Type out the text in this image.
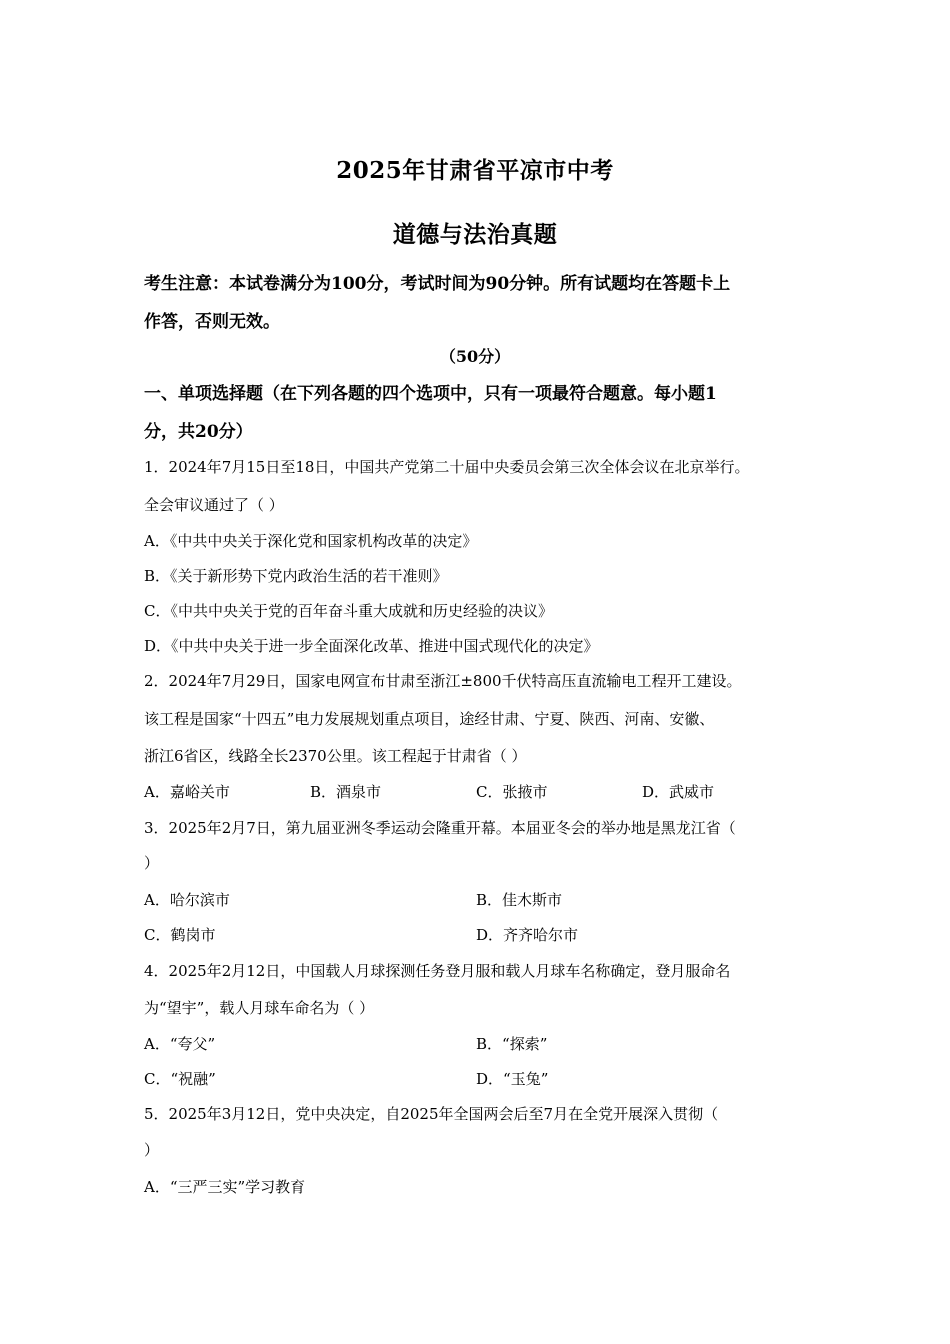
2025年甘肃省平凉市中考
道德与法治真题
考生注意：本试卷满分为100分，考试时间为90分钟。所有试题均在答题卡上
作答，否则无效。
（50分）
一、单项选择题（在下列各题的四个选项中，只有一项最符合题意。每小题1
分，共20分）
1．2024年7月15日至18日，中国共产党第二十届中央委员会第三次全体会议在北京举行。
全会审议通过了（ ）
A．《中共中央关于深化党和国家机构改革的决定》
B．《关于新形势下党内政治生活的若干准则》
C．《中共中央关于党的百年奋斗重大成就和历史经验的决议》
D．《中共中央关于进一步全面深化改革、推进中国式现代化的决定》
2．2024年7月29日，国家电网宣布甘肃至浙江±800千伏特高压直流输电工程开工建设。
该工程是国家“十四五”电力发展规划重点项目，途经甘肃、宁夏、陕西、河南、安徽、
浙江6省区，线路全长2370公里。该工程起于甘肃省（ ）
A．嘉峪关市	B．酒泉市	C．张掖市	D．武威市
3．2025年2月7日，第九届亚洲冬季运动会隆重开幕。本届亚冬会的举办地是黑龙江省（
）
A．哈尔滨市	B．佳木斯市
C．鹤岗市	D．齐齐哈尔市
4．2025年2月12日，中国载人月球探测任务登月服和载人月球车名称确定，登月服命名
为“望宇”，载人月球车命名为（ ）
A．“夸父”	B．“探索”
C．“祝融”	D．“玉兔”
5．2025年3月12日，党中央决定，自2025年全国两会后至7月在全党开展深入贯彻（
）
A．“三严三实”学习教育
